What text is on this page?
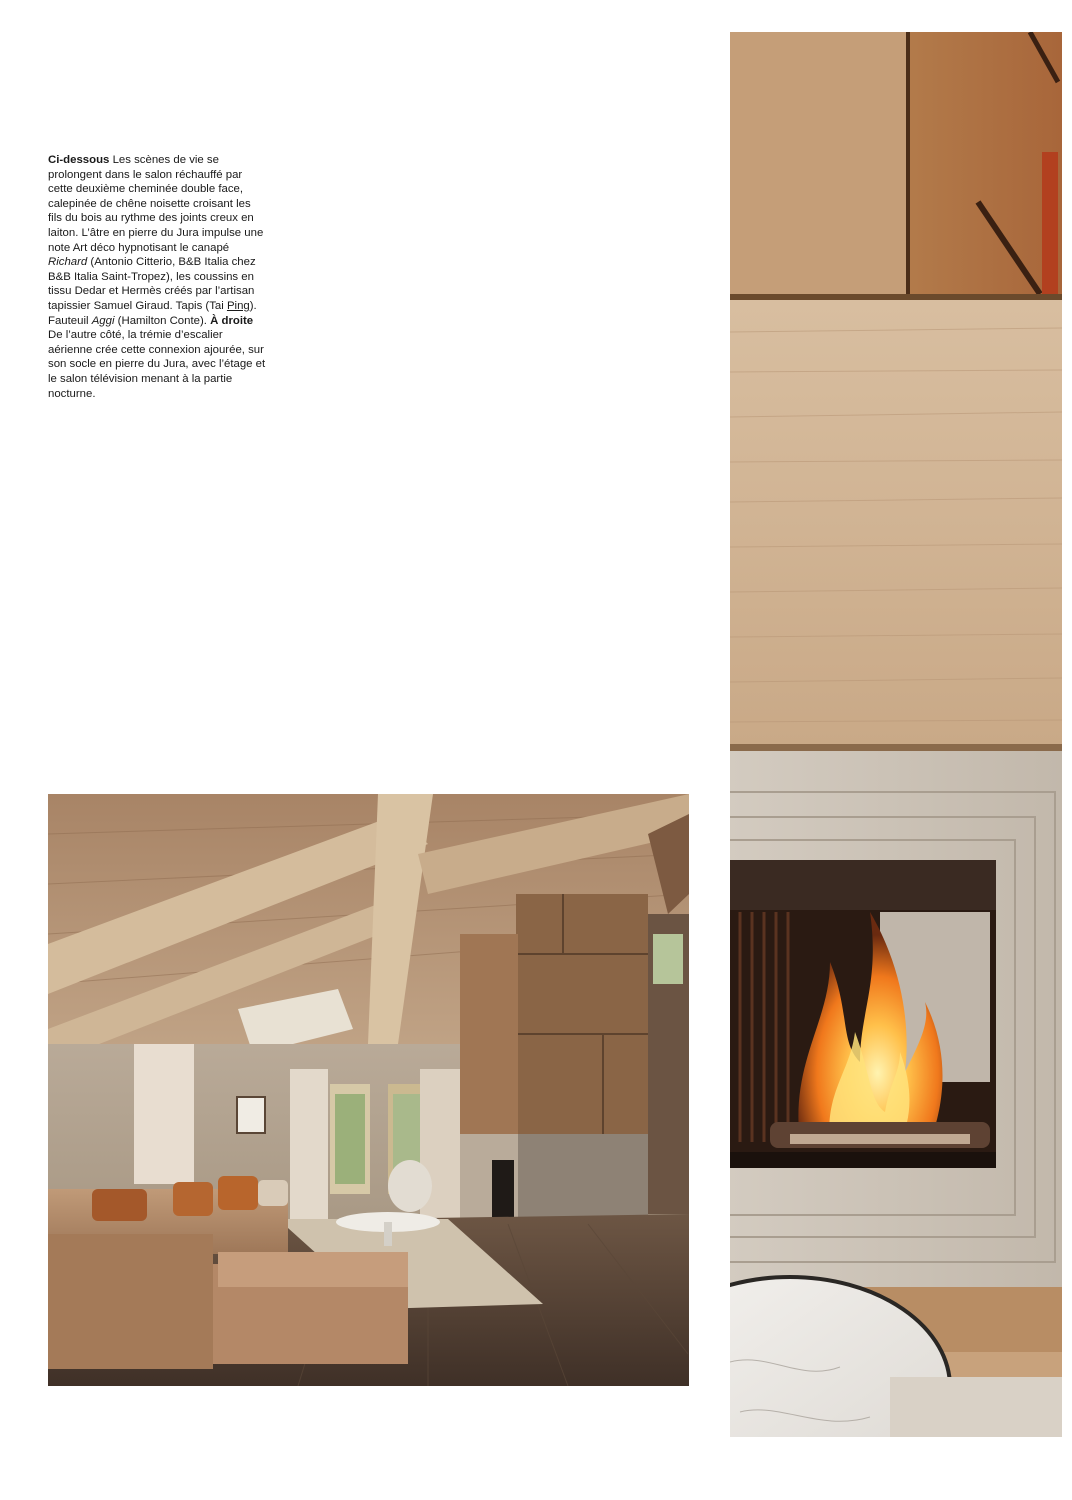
Ci-dessous Les scènes de vie se prolongent dans le salon réchauffé par cette deuxième cheminée double face, calepinée de chêne noisette croisant les fils du bois au rythme des joints creux en laiton. L’âtre en pierre du Jura impulse une note Art déco hypnotisant le canapé Richard (Antonio Citterio, B&B Italia chez B&B Italia Saint-Tropez), les coussins en tissu Dedar et Hermès créés par l’artisan tapissier Samuel Giraud. Tapis (Tai Ping). Fauteuil Aggi (Hamilton Conte). À droite De l’autre côté, la trémie d’escalier aérienne crée cette connexion ajourée, sur son socle en pierre du Jura, avec l’étage et le salon télévision menant à la partie nocturne.
